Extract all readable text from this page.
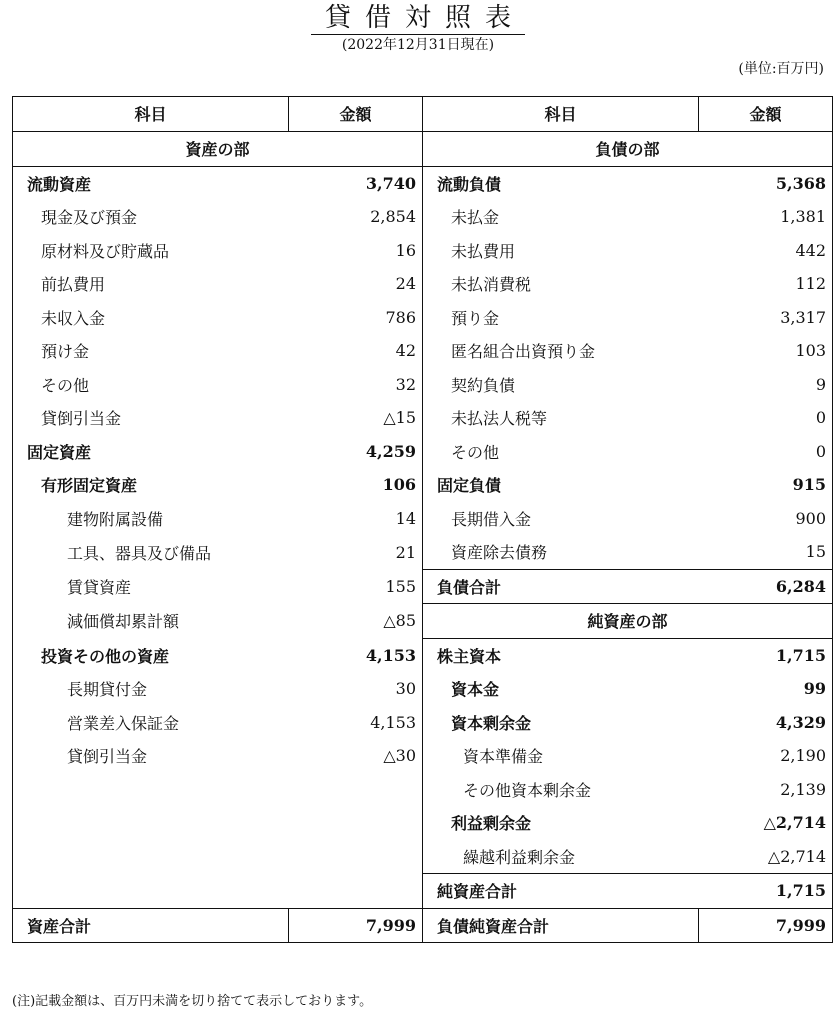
貸借対照表
(2022年12月31日現在)
(単位:百万円)
科目	金額	科目	金額
資産の部		負債の部	
流動資産	3,740	流動負債	5,368
現金及び預金	2,854	未払金	1,381
原材料及び貯蔵品	16	未払費用	442
前払費用	24	未払消費税	112
未収入金	786	預り金	3,317
預け金	42	匿名組合出資預り金	103
その他	32	契約負債	9
貸倒引当金	△15	未払法人税等	0
固定資産	4,259	その他	0
有形固定資産	106	固定負債	915
建物附属設備	14	長期借入金	900
工具、器具及び備品	21	資産除去債務	15
賃貸資産	155	負債合計	6,284
減価償却累計額	△85	純資産の部	
投資その他の資産	4,153	株主資本	1,715
長期貸付金	30	資本金	99
営業差入保証金	4,153	資本剰余金	4,329
貸倒引当金	△30	資本準備金	2,190
		その他資本剰余金	2,139
		利益剰余金	△2,714
		繰越利益剰余金	△2,714
		純資産合計	1,715
資産合計	7,999	負債純資産合計	7,999
(注)記載金額は、百万円未満を切り捨てて表示しております。
